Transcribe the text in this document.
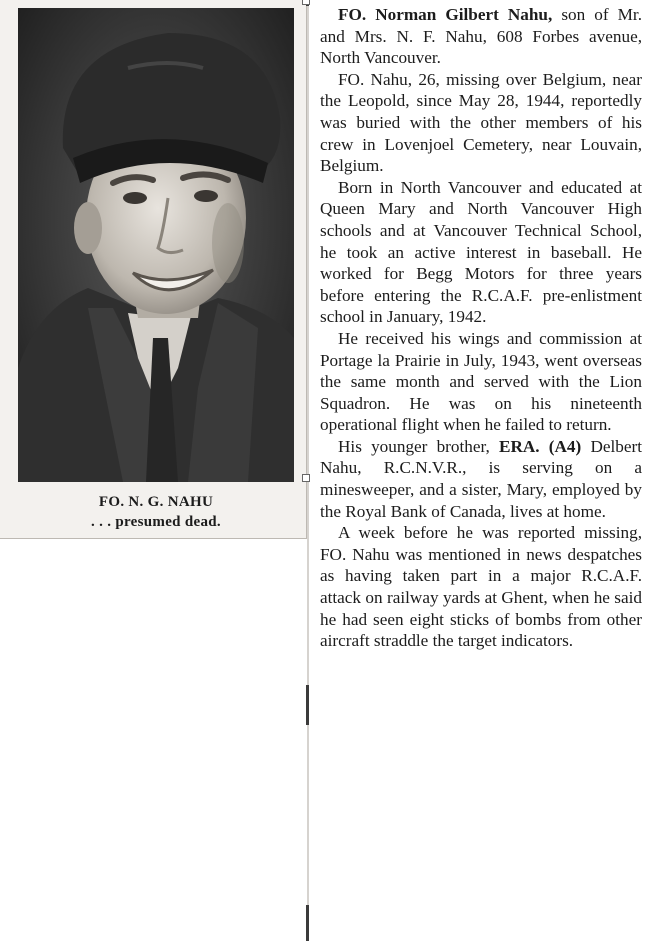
FO. N. G. NAHU
. . . presumed dead.

FO. Norman Gilbert Nahu, son of Mr. and Mrs. N. F. Nahu, 608 Forbes avenue, North Vancouver.

FO. Nahu, 26, missing over Belgium, near the Leopold, since May 28, 1944, reportedly was buried with the other members of his crew in Lovenjoel Cemetery, near Louvain, Belgium.

Born in North Vancouver and educated at Queen Mary and North Vancouver High schools and at Vancouver Technical School, he took an active interest in baseball. He worked for Begg Motors for three years before entering the R.C.A.F. pre-enlistment school in January, 1942.

He received his wings and commission at Portage la Prairie in July, 1943, went overseas the same month and served with the Lion Squadron. He was on his nineteenth operational flight when he failed to return.

His younger brother, ERA. (A4) Delbert Nahu, R.C.N.V.R., is serving on a minesweeper, and a sister, Mary, employed by the Royal Bank of Canada, lives at home.

A week before he was reported missing, FO. Nahu was mentioned in news despatches as having taken part in a major R.C.A.F. attack on railway yards at Ghent, when he said he had seen eight sticks of bombs from other aircraft straddle the target indicators.
